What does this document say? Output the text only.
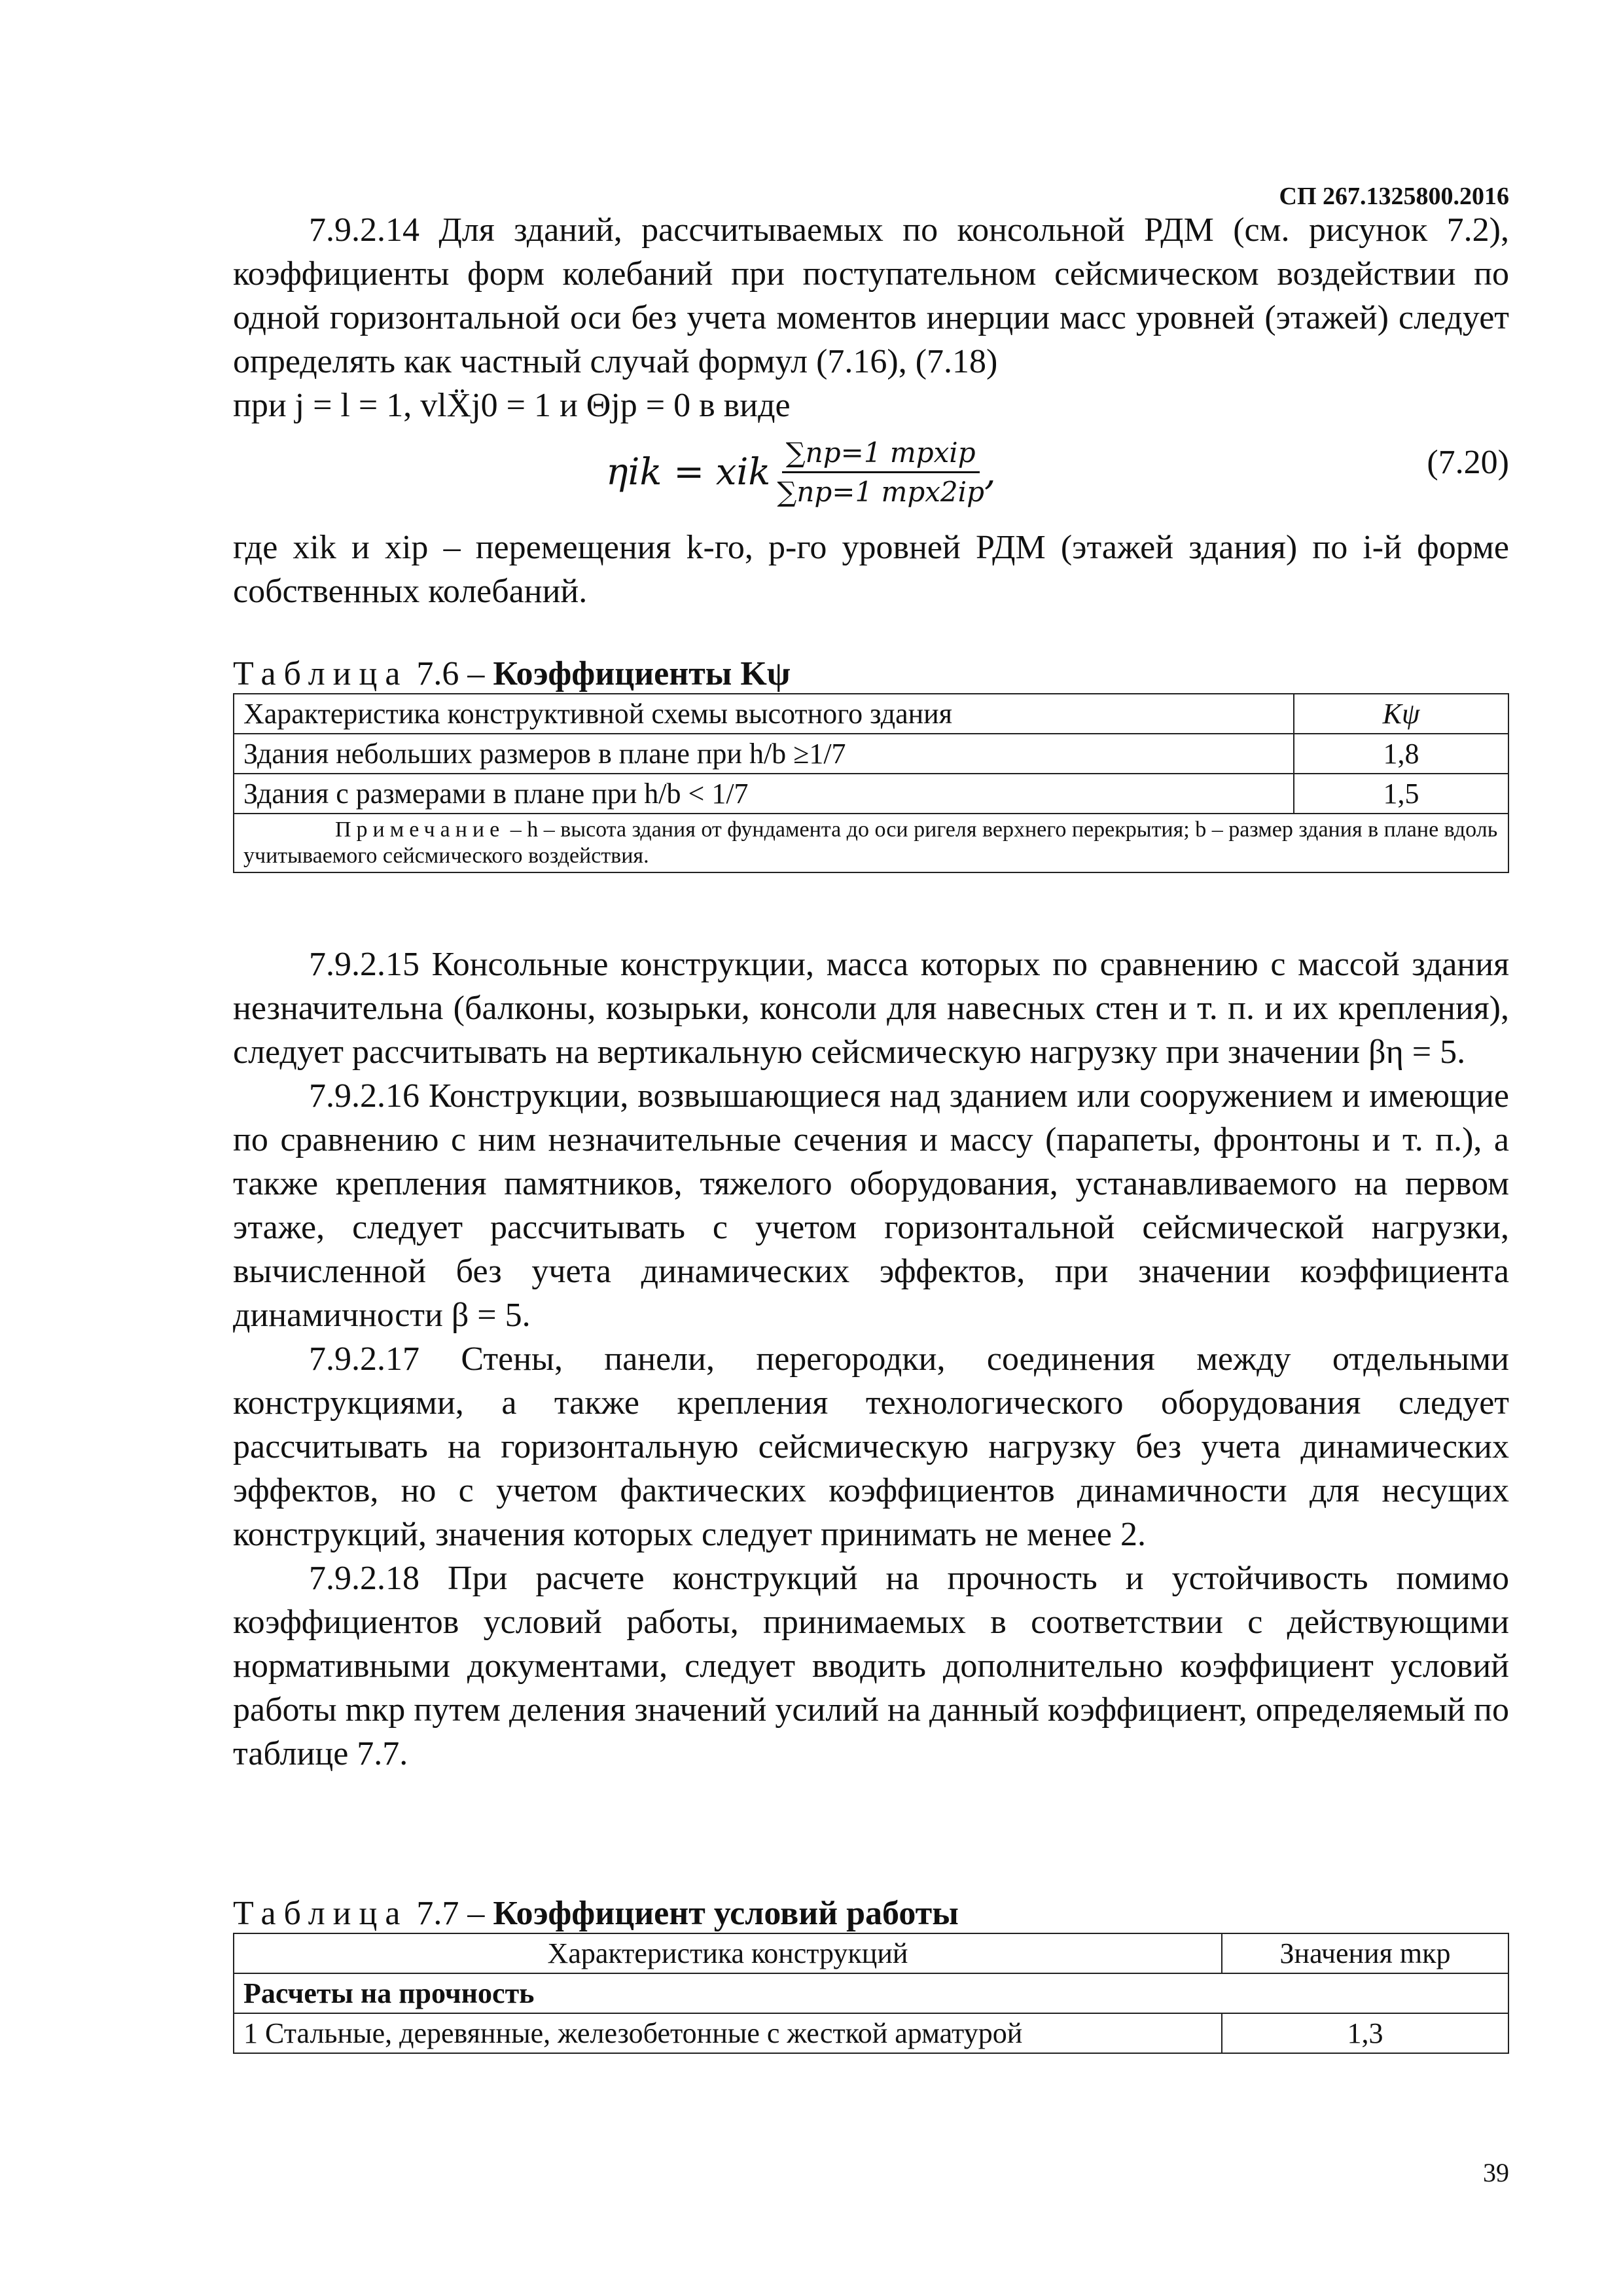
СП 267.1325800.2016

7.9.2.14 Для зданий, рассчитываемых по консольной РДМ (см. рисунок 7.2), коэффициенты форм колебаний при поступательном сейсмическом воздействии по одной горизонтальной оси без учета моментов инерции масс уровней (этажей) следует определять как частный случай формул (7.16), (7.18)

при j = l = 1, vlẌj0 = 1 и Θjp = 0 в виде

ηik = xik $\frac{\text{∑np=1 mpxip}}{\text{∑np=1 mpx2ip}}$ ,	(7.20)

где xik и xip – перемещения k-го, p-го уровней РДМ (этажей здания) по i-й форме собственных колебаний.

Таблица 7.6 – Коэффициенты Kψ

Характеристика конструктивной схемы высотного здания	Kψ
Здания небольших размеров в плане при h/b ≥1/7	1,8
Здания с размерами в плане при h/b < 1/7	1,5
Примечание – h – высота здания от фундамента до оси ригеля верхнего перекрытия; b – размер здания в плане вдоль учитываемого сейсмического воздействия.	

7.9.2.15 Консольные конструкции, масса которых по сравнению с массой здания незначительна (балконы, козырьки, консоли для навесных стен и т. п. и их крепления), следует рассчитывать на вертикальную сейсмическую нагрузку при значении βη = 5.

7.9.2.16 Конструкции, возвышающиеся над зданием или сооружением и имеющие по сравнению с ним незначительные сечения и массу (парапеты, фронтоны и т. п.), а также крепления памятников, тяжелого оборудования, устанавливаемого на первом этаже, следует рассчитывать с учетом горизонтальной сейсмической нагрузки, вычисленной без учета динамических эффектов, при значении коэффициента динамичности β = 5.

7.9.2.17 Стены, панели, перегородки, соединения между отдельными конструкциями, а также крепления технологического оборудования следует рассчитывать на горизонтальную сейсмическую нагрузку без учета динамических эффектов, но с учетом фактических коэффициентов динамичности для несущих конструкций, значения которых следует принимать не менее 2.

7.9.2.18 При расчете конструкций на прочность и устойчивость помимо коэффициентов условий работы, принимаемых в соответствии с действующими нормативными документами, следует вводить дополнительно коэффициент условий работы mкр путем деления значений усилий на данный коэффициент, определяемый по таблице 7.7.

Таблица 7.7 – Коэффициент условий работы

Характеристика конструкций	Значения mкр
Расчеты на прочность	
1 Стальные, деревянные, железобетонные с жесткой арматурой	1,3
39
